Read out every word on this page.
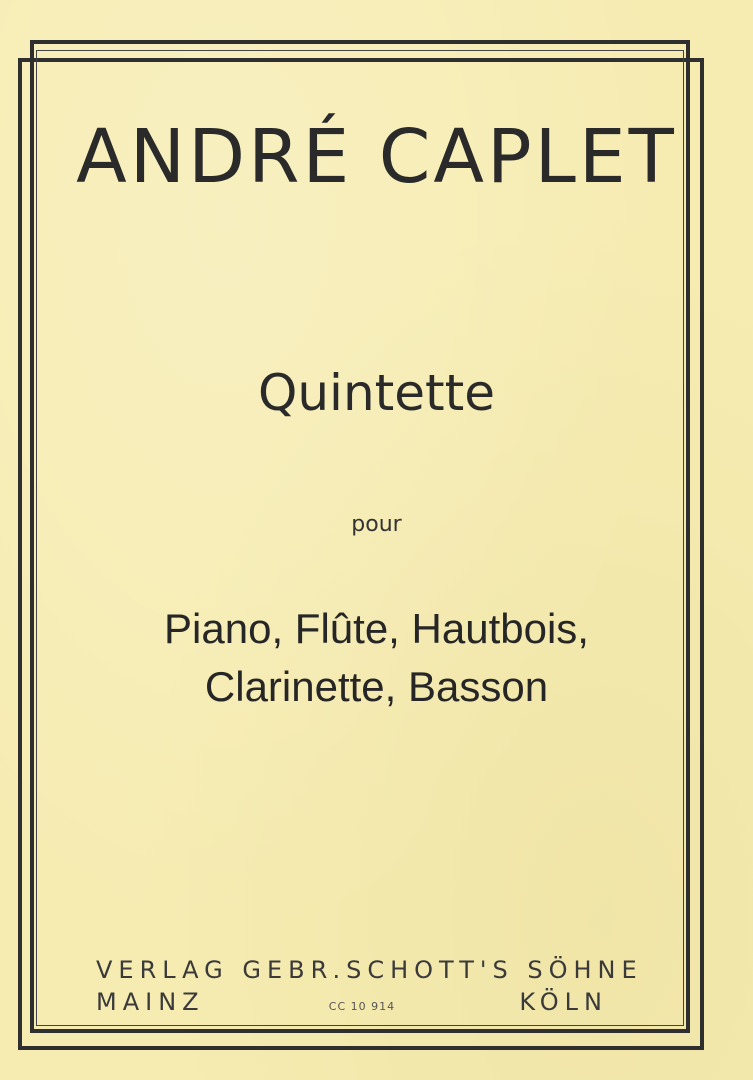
ANDRÉ CAPLET
Quintette
pour
Piano, Flûte, Hautbois,
Clarinette, Basson
VERLAG GEBR. SCHOTT'S SÖHNE
MAINZ	CC 10 914	KÖLN
